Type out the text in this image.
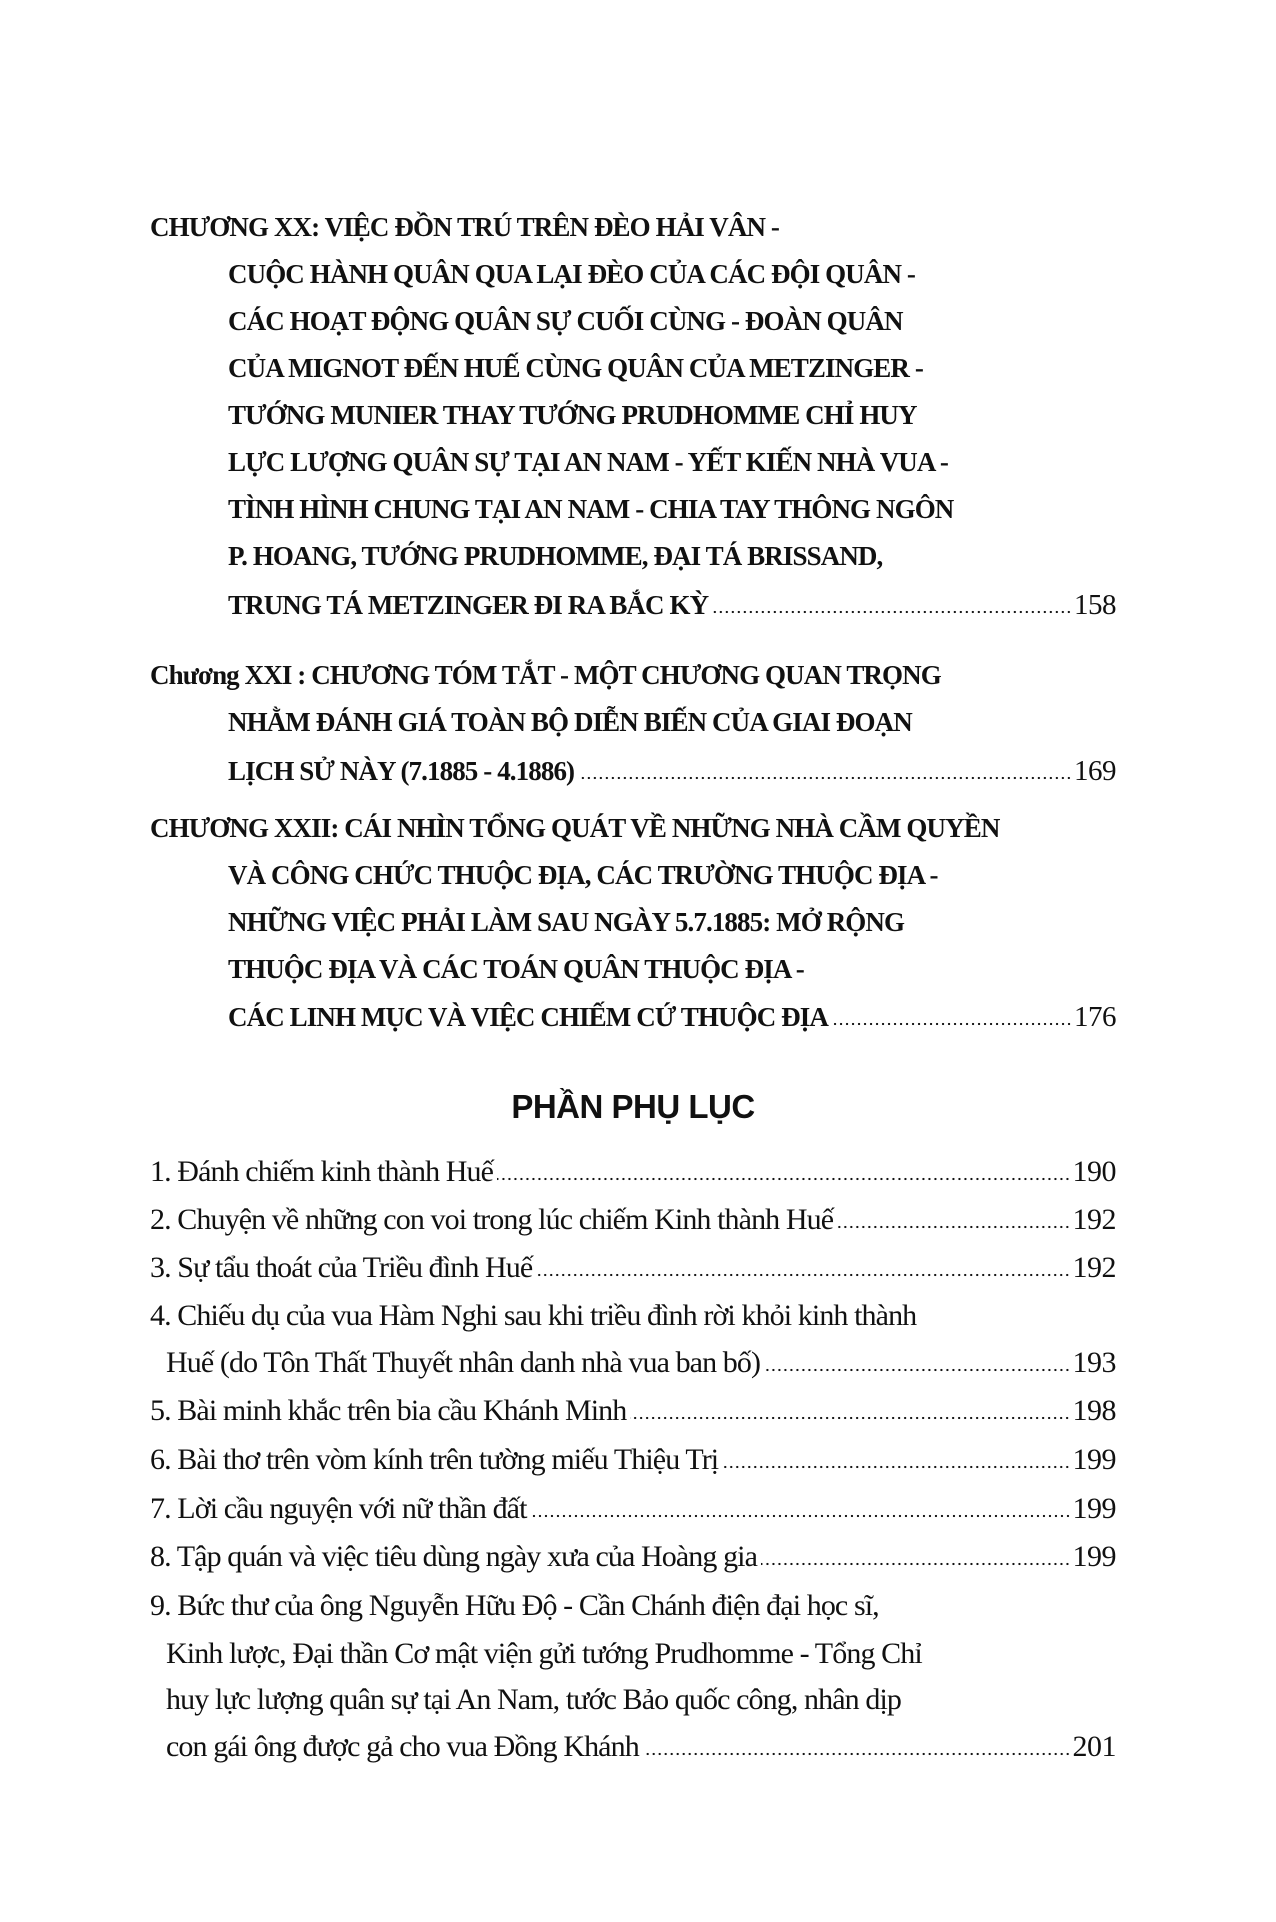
CHƯƠNG XX: VIỆC ĐỒN TRÚ TRÊN ĐÈO HẢI VÂN -
CUỘC HÀNH QUÂN QUA LẠI ĐÈO CỦA CÁC ĐỘI QUÂN -
CÁC HOẠT ĐỘNG QUÂN SỰ CUỐI CÙNG - ĐOÀN QUÂN
CỦA MIGNOT ĐẾN HUẾ CÙNG QUÂN CỦA METZINGER -
TƯỚNG MUNIER THAY TƯỚNG PRUDHOMME CHỈ HUY
LỰC LƯỢNG QUÂN SỰ TẠI AN NAM - YẾT KIẾN NHÀ VUA -
TÌNH HÌNH CHUNG TẠI AN NAM - CHIA TAY THÔNG NGÔN
P. HOANG, TƯỚNG PRUDHOMME, ĐẠI TÁ BRISSAND,
TRUNG TÁ METZINGER ĐI RA BẮC KỲ	158
Chương XXI : CHƯƠNG TÓM TẮT - MỘT CHƯƠNG QUAN TRỌNG
NHẰM ĐÁNH GIÁ TOÀN BỘ DIỄN BIẾN CỦA GIAI ĐOẠN
LỊCH SỬ NÀY (7.1885 - 4.1886)	169
CHƯƠNG XXII: CÁI NHÌN TỔNG QUÁT VỀ NHỮNG NHÀ CẦM QUYỀN
VÀ CÔNG CHỨC THUỘC ĐỊA, CÁC TRƯỜNG THUỘC ĐỊA -
NHỮNG VIỆC PHẢI LÀM SAU NGÀY 5.7.1885: MỞ RỘNG
THUỘC ĐỊA VÀ CÁC TOÁN QUÂN THUỘC ĐỊA -
CÁC LINH MỤC VÀ VIỆC CHIẾM CỨ THUỘC ĐỊA	176
PHẦN PHỤ LỤC
1. Đánh chiếm kinh thành Huế	190
2. Chuyện về những con voi trong lúc chiếm Kinh thành Huế	192
3. Sự tẩu thoát của Triều đình Huế	192
4. Chiếu dụ của vua Hàm Nghi sau khi triều đình rời khỏi kinh thành
Huế (do Tôn Thất Thuyết nhân danh nhà vua ban bố)	193
5. Bài minh khắc trên bia cầu Khánh Minh	198
6. Bài thơ trên vòm kính trên tường miếu Thiệu Trị	199
7. Lời cầu nguyện với nữ thần đất	199
8. Tập quán và việc tiêu dùng ngày xưa của Hoàng gia	199
9. Bức thư của ông Nguyễn Hữu Độ - Cần Chánh điện đại học sĩ,
Kinh lược, Đại thần Cơ mật viện gửi tướng Prudhomme - Tổng Chỉ
huy lực lượng quân sự tại An Nam, tước Bảo quốc công, nhân dịp
con gái ông được gả cho vua Đồng Khánh	201
